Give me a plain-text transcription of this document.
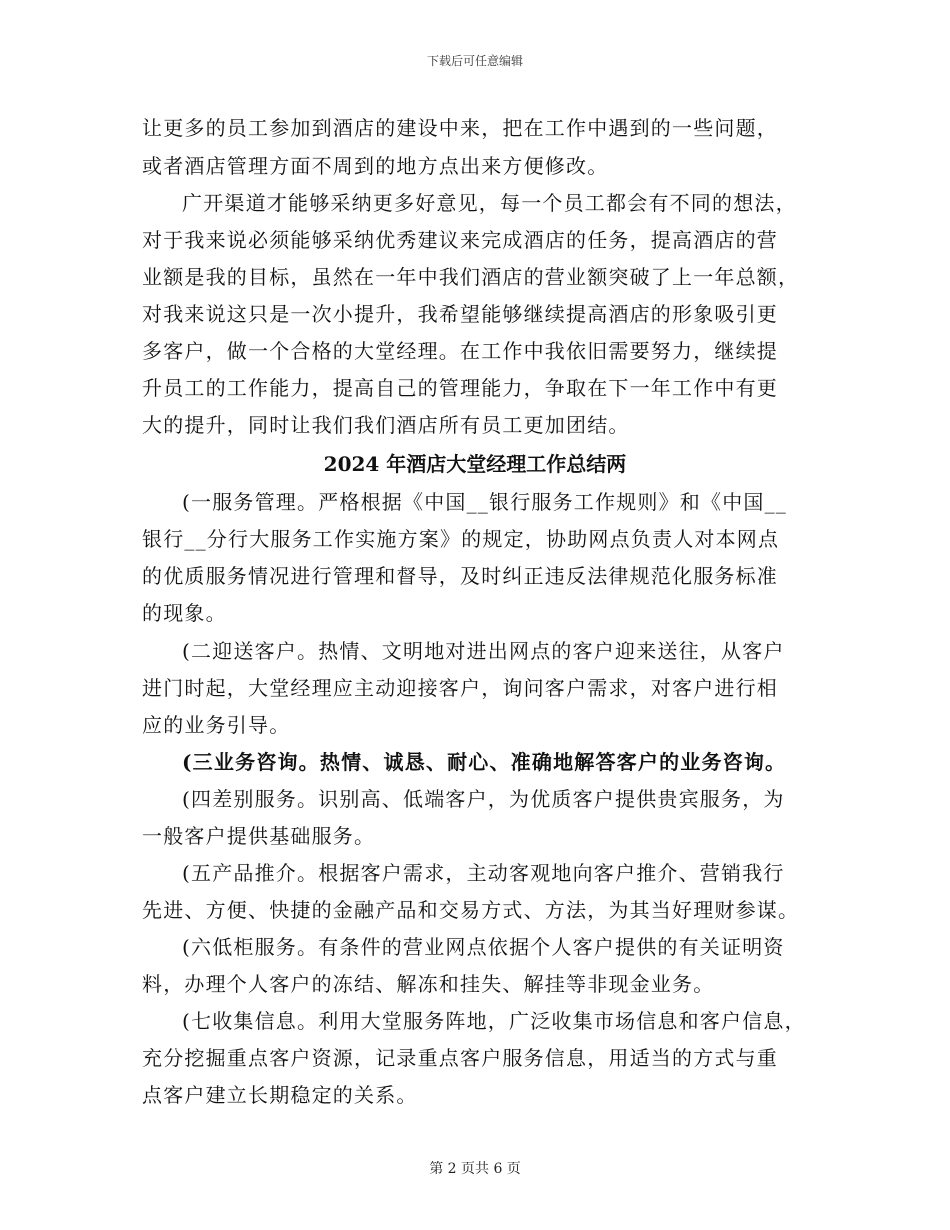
下载后可任意编辑
让更多的员工参加到酒店的建设中来，把在工作中遇到的一些问题，
或者酒店管理方面不周到的地方点出来方便修改。
广开渠道才能够采纳更多好意见，每一个员工都会有不同的想法，
对于我来说必须能够采纳优秀建议来完成酒店的任务，提高酒店的营
业额是我的目标，虽然在一年中我们酒店的营业额突破了上一年总额，
对我来说这只是一次小提升，我希望能够继续提高酒店的形象吸引更
多客户，做一个合格的大堂经理。在工作中我依旧需要努力，继续提
升员工的工作能力，提高自己的管理能力，争取在下一年工作中有更
大的提升，同时让我们我们酒店所有员工更加团结。
2024 年酒店大堂经理工作总结两
(一服务管理。严格根据《中国__银行服务工作规则》和《中国__
银行__分行大服务工作实施方案》的规定，协助网点负责人对本网点
的优质服务情况进行管理和督导，及时纠正违反法律规范化服务标准
的现象。
(二迎送客户。热情、文明地对进出网点的客户迎来送往，从客户
进门时起，大堂经理应主动迎接客户，询问客户需求，对客户进行相
应的业务引导。
(三业务咨询。热情、诚恳、耐心、准确地解答客户的业务咨询。
(四差别服务。识别高、低端客户，为优质客户提供贵宾服务，为
一般客户提供基础服务。
(五产品推介。根据客户需求，主动客观地向客户推介、营销我行
先进、方便、快捷的金融产品和交易方式、方法，为其当好理财参谋。
(六低柜服务。有条件的营业网点依据个人客户提供的有关证明资
料，办理个人客户的冻结、解冻和挂失、解挂等非现金业务。
(七收集信息。利用大堂服务阵地，广泛收集市场信息和客户信息，
充分挖掘重点客户资源，记录重点客户服务信息，用适当的方式与重
点客户建立长期稳定的关系。
第 2 页共 6 页
